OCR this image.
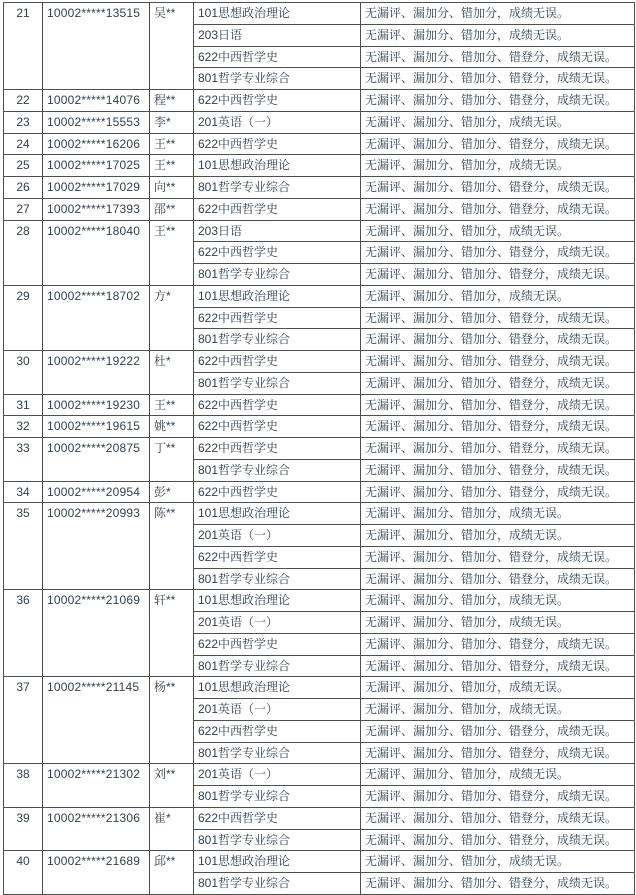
21	10002*****13515	吴**	101思想政治理论	无漏评、漏加分、错加分，成绩无误。
			203日语	无漏评、漏加分、错加分，成绩无误。
			622中西哲学史	无漏评、漏加分、错加分、错登分，成绩无误。
			801哲学专业综合	无漏评、漏加分、错加分、错登分，成绩无误。
22	10002*****14076	程**	622中西哲学史	无漏评、漏加分、错加分、错登分，成绩无误。
23	10002*****15553	李*	201英语（一）	无漏评、漏加分、错加分，成绩无误。
24	10002*****16206	王**	622中西哲学史	无漏评、漏加分、错加分、错登分，成绩无误。
25	10002*****17025	王**	101思想政治理论	无漏评、漏加分、错加分，成绩无误。
26	10002*****17029	向**	801哲学专业综合	无漏评、漏加分、错加分、错登分，成绩无误。
27	10002*****17393	邵**	622中西哲学史	无漏评、漏加分、错加分、错登分，成绩无误。
28	10002*****18040	王**	203日语	无漏评、漏加分、错加分，成绩无误。
			622中西哲学史	无漏评、漏加分、错加分、错登分，成绩无误。
			801哲学专业综合	无漏评、漏加分、错加分、错登分，成绩无误。
29	10002*****18702	方*	101思想政治理论	无漏评、漏加分、错加分，成绩无误。
			622中西哲学史	无漏评、漏加分、错加分、错登分，成绩无误。
			801哲学专业综合	无漏评、漏加分、错加分、错登分，成绩无误。
30	10002*****19222	杜*	622中西哲学史	无漏评、漏加分、错加分、错登分，成绩无误。
			801哲学专业综合	无漏评、漏加分、错加分、错登分，成绩无误。
31	10002*****19230	王**	622中西哲学史	无漏评、漏加分、错加分、错登分，成绩无误。
32	10002*****19615	姚**	622中西哲学史	无漏评、漏加分、错加分、错登分，成绩无误。
33	10002*****20875	丁**	622中西哲学史	无漏评、漏加分、错加分、错登分，成绩无误。
			801哲学专业综合	无漏评、漏加分、错加分、错登分，成绩无误。
34	10002*****20954	彭*	622中西哲学史	无漏评、漏加分、错加分、错登分，成绩无误。
35	10002*****20993	陈**	101思想政治理论	无漏评、漏加分、错加分，成绩无误。
			201英语（一）	无漏评、漏加分、错加分，成绩无误。
			622中西哲学史	无漏评、漏加分、错加分、错登分，成绩无误。
			801哲学专业综合	无漏评、漏加分、错加分、错登分，成绩无误。
36	10002*****21069	轩**	101思想政治理论	无漏评、漏加分、错加分，成绩无误。
			201英语（一）	无漏评、漏加分、错加分，成绩无误。
			622中西哲学史	无漏评、漏加分、错加分、错登分，成绩无误。
			801哲学专业综合	无漏评、漏加分、错加分、错登分，成绩无误。
37	10002*****21145	杨**	101思想政治理论	无漏评、漏加分、错加分，成绩无误。
			201英语（一）	无漏评、漏加分、错加分，成绩无误。
			622中西哲学史	无漏评、漏加分、错加分、错登分，成绩无误。
			801哲学专业综合	无漏评、漏加分、错加分、错登分，成绩无误。
38	10002*****21302	刘**	201英语（一）	无漏评、漏加分、错加分，成绩无误。
			801哲学专业综合	无漏评、漏加分、错加分、错登分，成绩无误。
39	10002*****21306	崔*	622中西哲学史	无漏评、漏加分、错加分、错登分，成绩无误。
			801哲学专业综合	无漏评、漏加分、错加分、错登分，成绩无误。
40	10002*****21689	邱**	101思想政治理论	无漏评、漏加分、错加分，成绩无误。
			801哲学专业综合	无漏评、漏加分、错加分、错登分，成绩无误。
